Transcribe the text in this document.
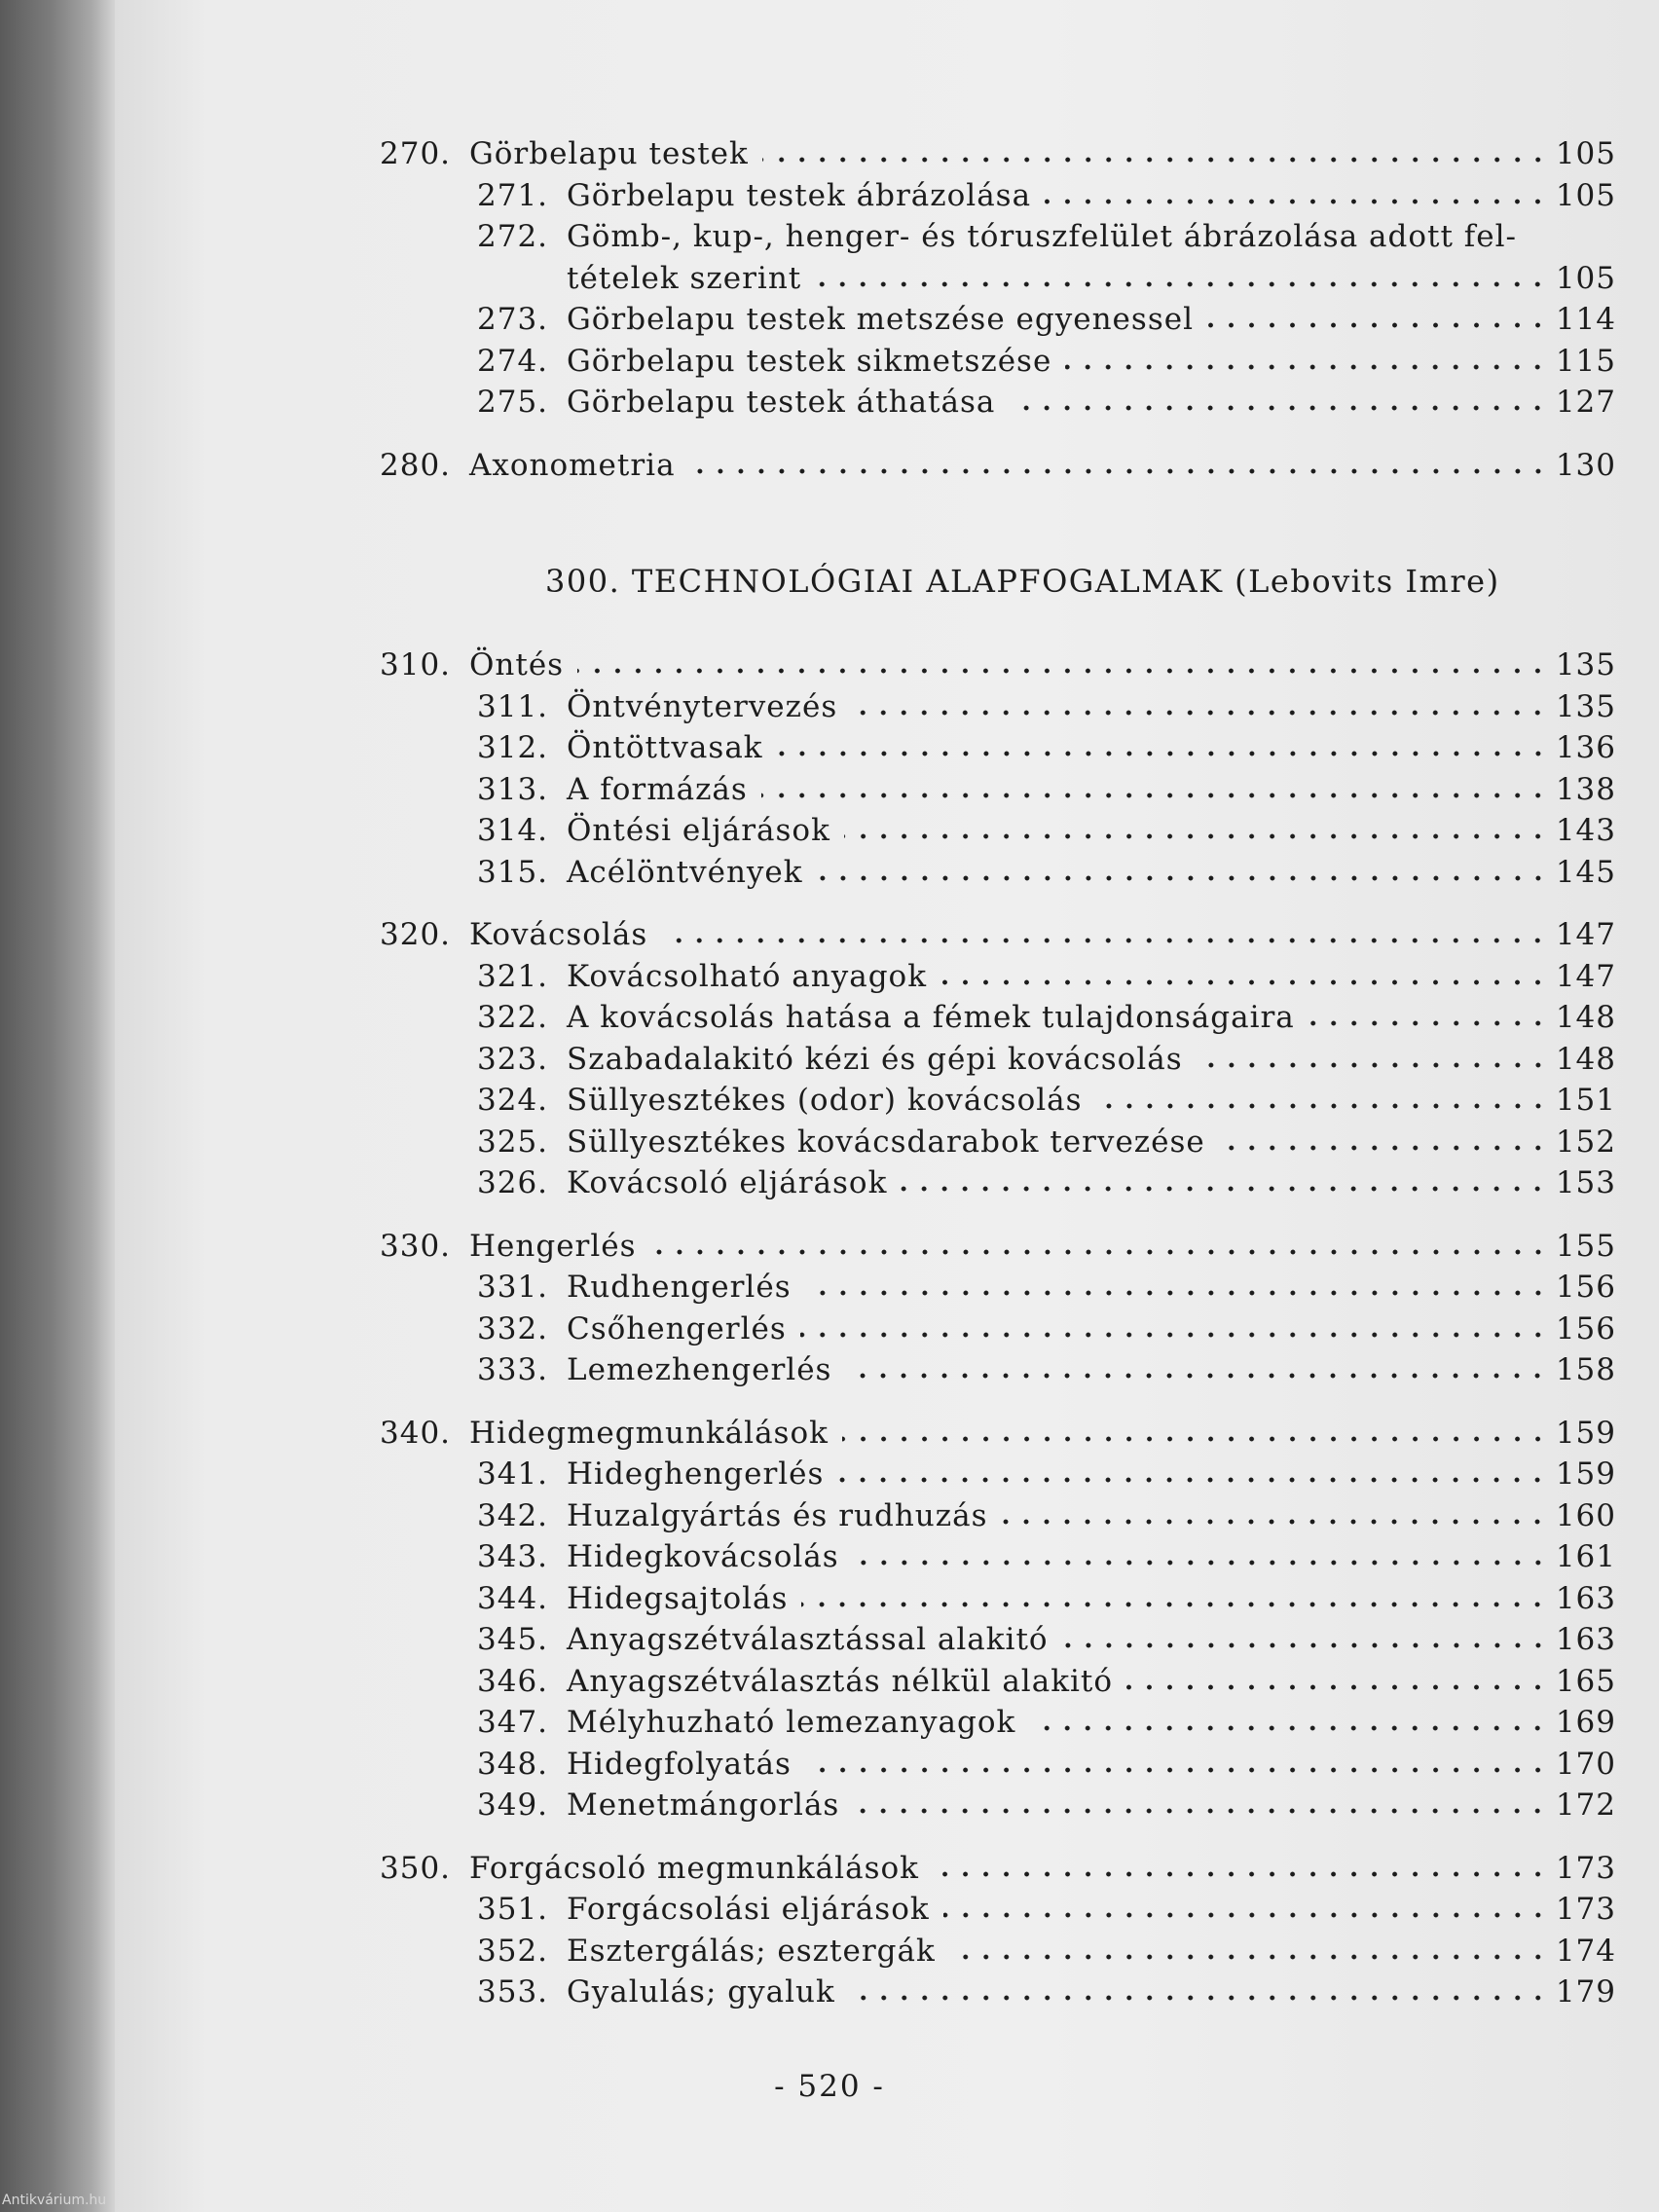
270. Görbelapu testek	105
271. Görbelapu testek ábrázolása	105
272. Gömb-, kup-, henger- és tóruszfelület ábrázolása adott fel-
tételek szerint	105
273. Görbelapu testek metszése egyenessel	114
274. Görbelapu testek sikmetszése	115
275. Görbelapu testek áthatása	127
280. Axonometria	130
300. TECHNOLÓGIAI ALAPFOGALMAK (Lebovits Imre)
310. Öntés	135
311. Öntvénytervezés	135
312. Öntöttvasak	136
313. A formázás	138
314. Öntési eljárások	143
315. Acélöntvények	145
320. Kovácsolás	147
321. Kovácsolható anyagok	147
322. A kovácsolás hatása a fémek tulajdonságaira	148
323. Szabadalakitó kézi és gépi kovácsolás	148
324. Süllyesztékes (odor) kovácsolás	151
325. Süllyesztékes kovácsdarabok tervezése	152
326. Kovácsoló eljárások	153
330. Hengerlés	155
331. Rudhengerlés	156
332. Csőhengerlés	156
333. Lemezhengerlés	158
340. Hidegmegmunkálások	159
341. Hideghengerlés	159
342. Huzalgyártás és rudhuzás	160
343. Hidegkovácsolás	161
344. Hidegsajtolás	163
345. Anyagszétválasztással alakitó	163
346. Anyagszétválasztás nélkül alakitó	165
347. Mélyhuzható lemezanyagok	169
348. Hidegfolyatás	170
349. Menetmángorlás	172
350. Forgácsoló megmunkálások	173
351. Forgácsolási eljárások	173
352. Esztergálás; esztergák	174
353. Gyalulás; gyaluk	179
- 520 -
Antikvárium.hu
